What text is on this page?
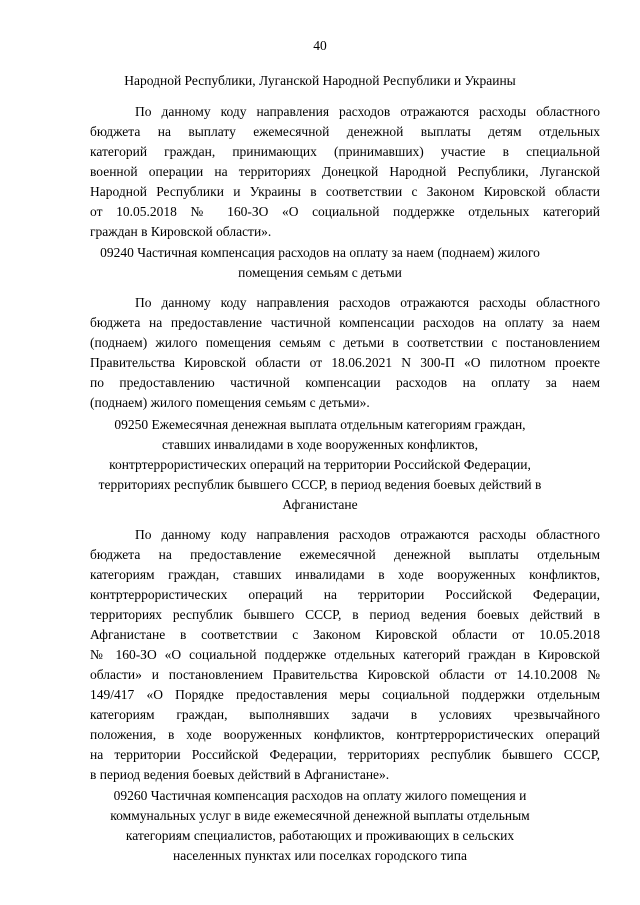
40
Народной Республики, Луганской Народной Республики и Украины
По данному коду направления расходов отражаются расходы областного
бюджета на выплату ежемесячной денежной выплаты детям отдельных
категорий граждан, принимающих (принимавших) участие в специальной
военной операции на территориях Донецкой Народной Республики, Луганской
Народной Республики и Украины в соответствии с Законом Кировской области
от 10.05.2018 № 160-ЗО «О социальной поддержке отдельных категорий
граждан в Кировской области».
09240 Частичная компенсация расходов на оплату за наем (поднаем) жилого
помещения семьям с детьми
По данному коду направления расходов отражаются расходы областного
бюджета на предоставление частичной компенсации расходов на оплату за наем
(поднаем) жилого помещения семьям с детьми в соответствии с постановлением
Правительства Кировской области от 18.06.2021 N 300-П «О пилотном проекте
по предоставлению частичной компенсации расходов на оплату за наем
(поднаем) жилого помещения семьям с детьми».
09250 Ежемесячная денежная выплата отдельным категориям граждан,
ставших инвалидами в ходе вооруженных конфликтов,
контртеррористических операций на территории Российской Федерации,
территориях республик бывшего СССР, в период ведения боевых действий в
Афганистане
По данному коду направления расходов отражаются расходы областного
бюджета на предоставление ежемесячной денежной выплаты отдельным
категориям граждан, ставших инвалидами в ходе вооруженных конфликтов,
контртеррористических операций на территории Российской Федерации,
территориях республик бывшего СССР, в период ведения боевых действий в
Афганистане в соответствии с Законом Кировской области от 10.05.2018
№ 160-ЗО «О социальной поддержке отдельных категорий граждан в Кировской
области» и постановлением Правительства Кировской области от 14.10.2008 №
149/417 «О Порядке предоставления меры социальной поддержки отдельным
категориям граждан, выполнявших задачи в условиях чрезвычайного
положения, в ходе вооруженных конфликтов, контртеррористических операций
на территории Российской Федерации, территориях республик бывшего СССР,
в период ведения боевых действий в Афганистане».
09260 Частичная компенсация расходов на оплату жилого помещения и
коммунальных услуг в виде ежемесячной денежной выплаты отдельным
категориям специалистов, работающих и проживающих в сельских
населенных пунктах или поселках городского типа
